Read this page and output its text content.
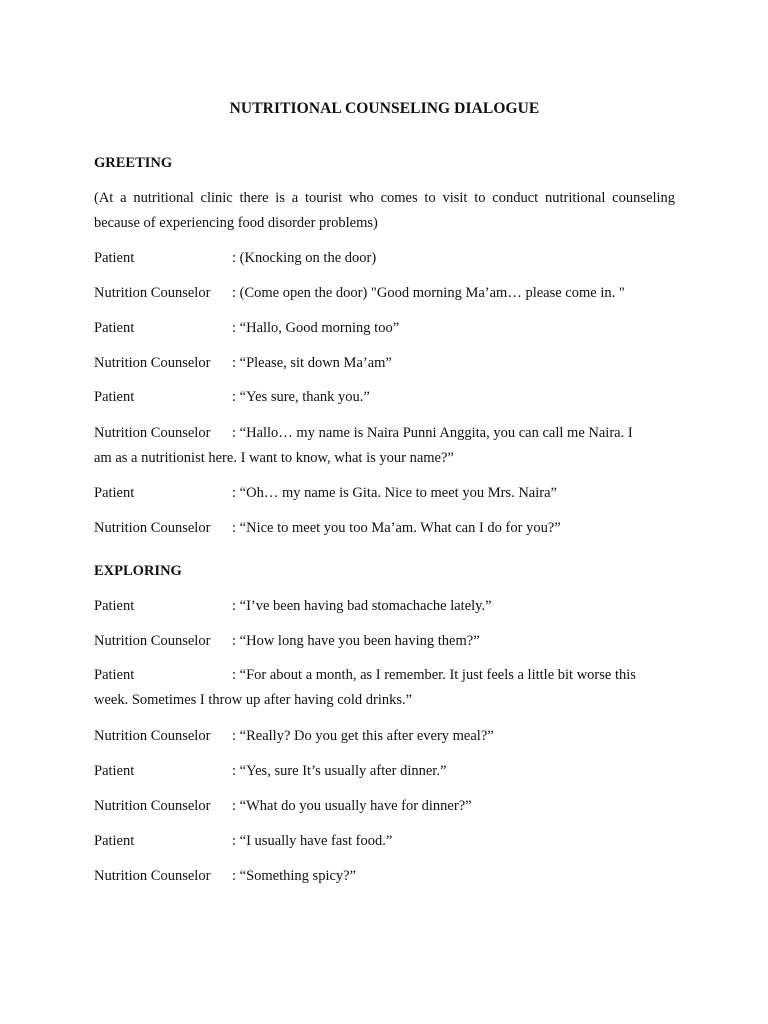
NUTRITIONAL COUNSELING DIALOGUE
GREETING
(At a nutritional clinic there is a tourist who comes to visit to conduct nutritional counseling because of experiencing food disorder problems)
Patient	: (Knocking on the door)
Nutrition Counselor : (Come open the door) "Good morning Ma’am… please come in. "
Patient	: “Hallo, Good morning too”
Nutrition Counselor : “Please, sit down Ma’am”
Patient	: “Yes sure, thank you.”
Nutrition Counselor : “Hallo… my name is Naira Punni Anggita, you can call me Naira. I
am as a nutritionist here. I want to know, what is your name?”
Patient	: “Oh… my name is Gita. Nice to meet you Mrs. Naira”
Nutrition Counselor : “Nice to meet you too Ma’am. What can I do for you?”
EXPLORING
Patient	: “I’ve been having bad stomachache lately.”
Nutrition Counselor : “How long have you been having them?”
Patient	: “For about a month, as I remember. It just feels a little bit worse this
week. Sometimes I throw up after having cold drinks.”
Nutrition Counselor : “Really? Do you get this after every meal?”
Patient	: “Yes, sure It’s usually after dinner.”
Nutrition Counselor : “What do you usually have for dinner?”
Patient	: “I usually have fast food.”
Nutrition Counselor : “Something spicy?”
